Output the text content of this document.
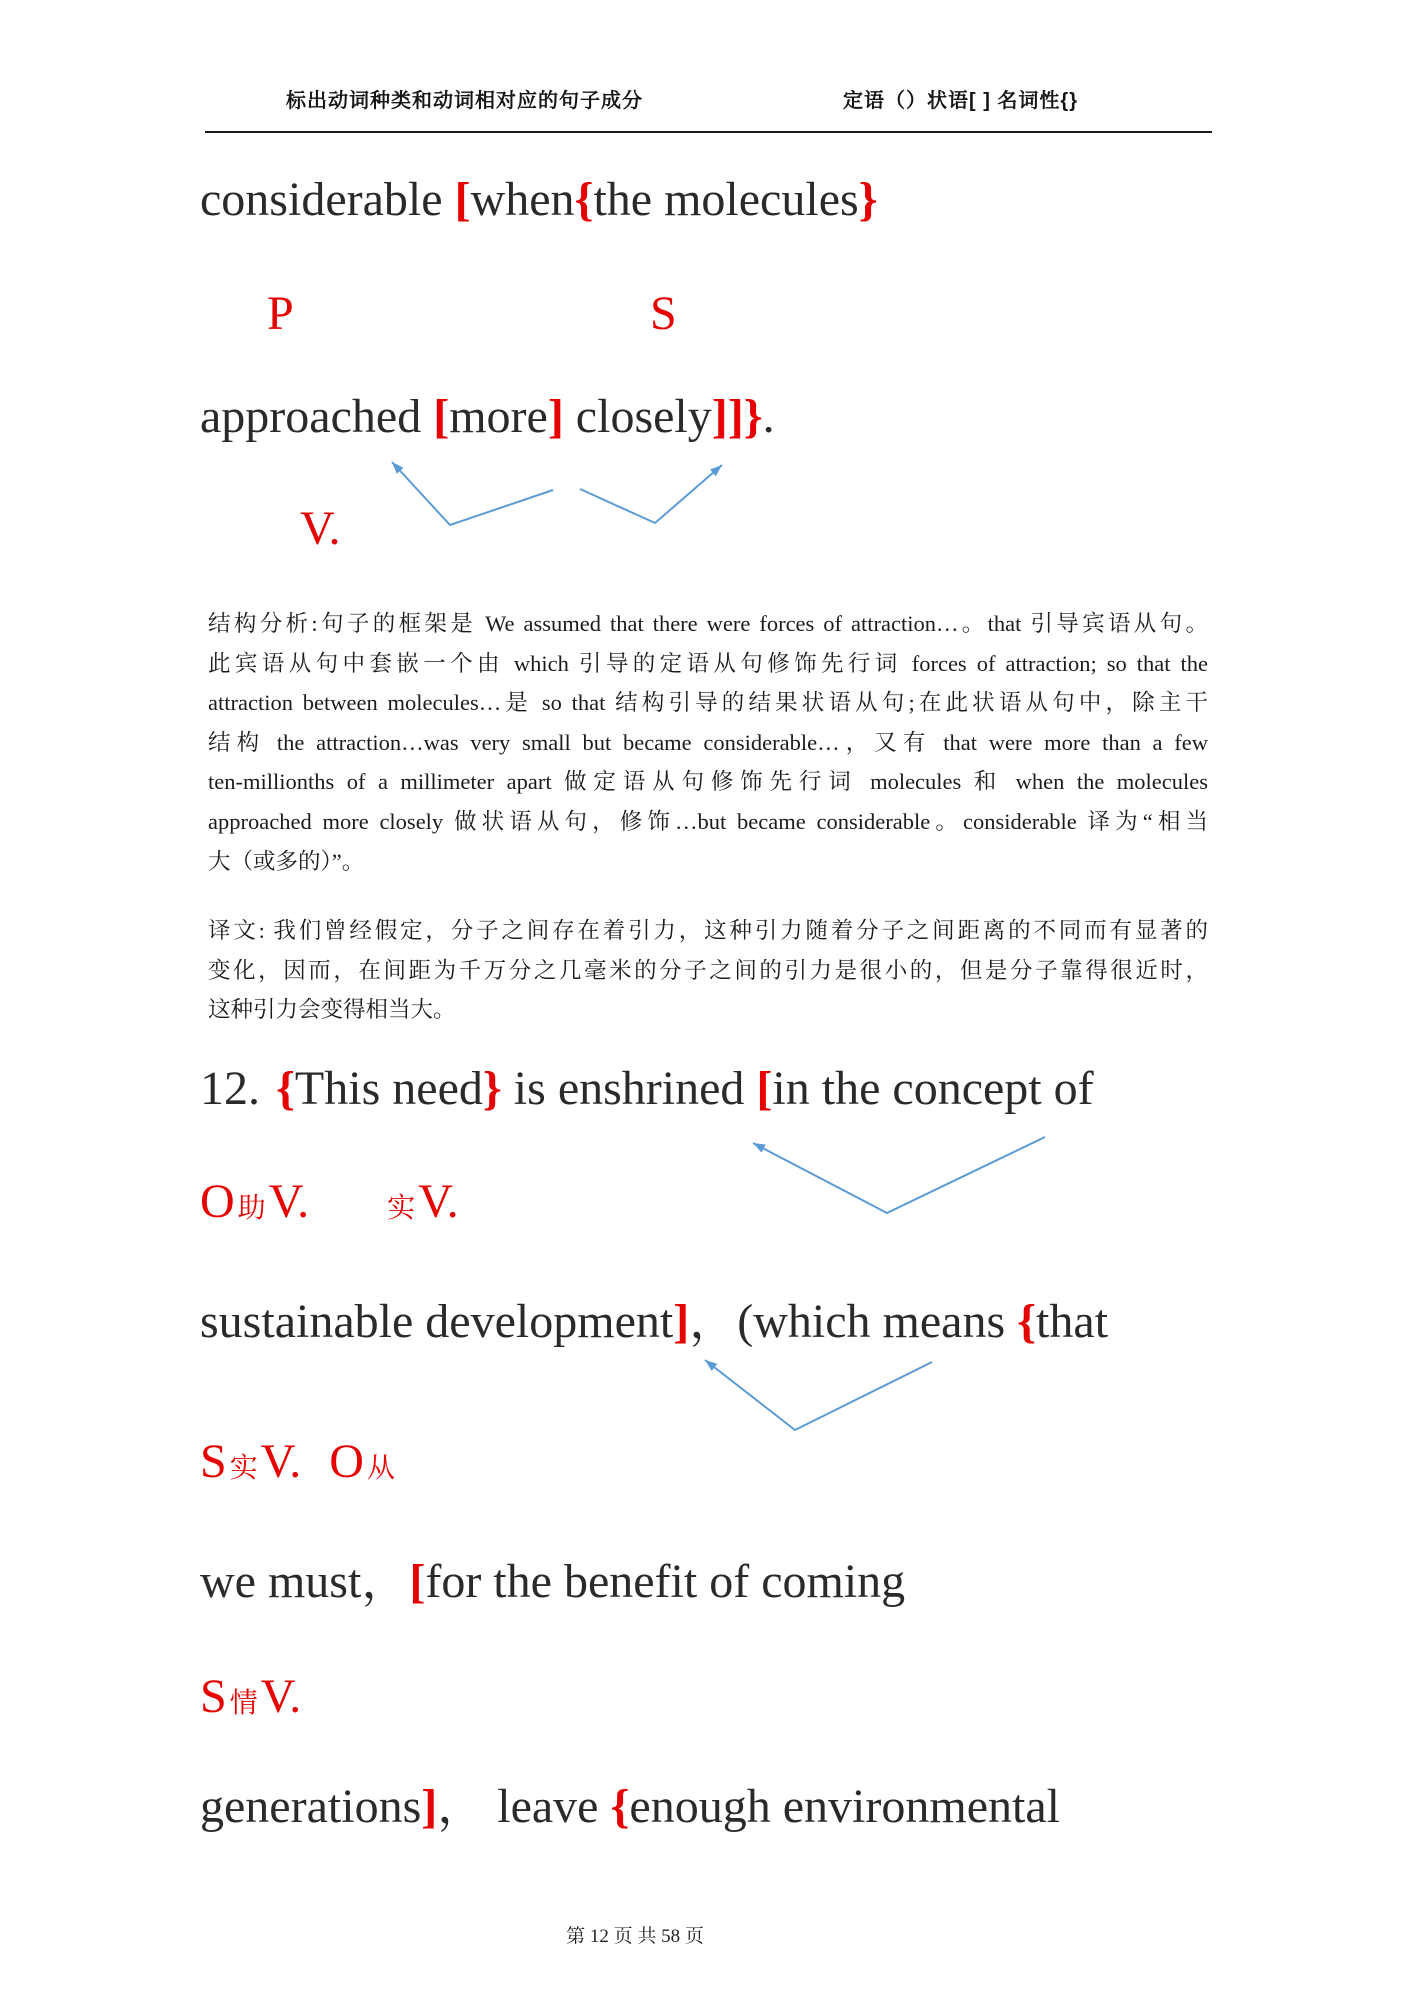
标出动词种类和动词相对应的句子成分	定语（）状语[ ] 名词性{}
considerable [when{the molecules}
P	S
approached [more] closely]]}.
V.
结构分析:句子的框架是 We assumed that there were forces of attraction…。that 引导宾语从句。
此宾语从句中套嵌一个由 which 引导的定语从句修饰先行词 forces of attraction; so that the
attraction between molecules…是 so that 结构引导的结果状语从句;在此状语从句中，除主干
结构 the attraction…was very small but became considerable…，又有 that were more than a few
ten-millionths of a millimeter apart 做定语从句修饰先行词 molecules 和 when the molecules
approached more closely 做状语从句，修饰…but became considerable。considerable 译为“相当
大（或多的）”。
译文: 我们曾经假定，分子之间存在着引力，这种引力随着分子之间距离的不同而有显著的
变化，因而，在间距为千万分之几毫米的分子之间的引力是很小的，但是分子靠得很近时，
这种引力会变得相当大。
12. {This need} is enshrined [in the concept of
O助V.	实V.
sustainable development]，(which means {that
S实V. O 从
we must，[for the benefit of coming
S情V.
generations]， leave {enough environmental
第 12 页 共 58 页
